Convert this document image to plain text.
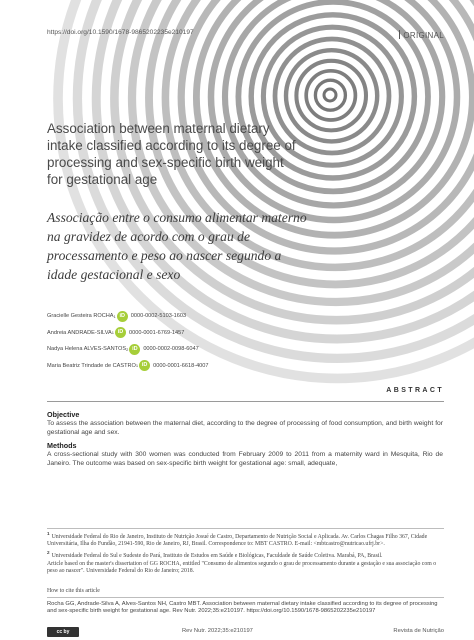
https://doi.org/10.1590/1678-9865202235e210197	ORIGINAL
Association between maternal dietary intake classified according to its degree of processing and sex-specific birth weight for gestational age
Associação entre o consumo alimentar materno na gravidez de acordo com o grau de processamento e peso ao nascer segundo a idade gestacional e sexo
Gracielle Gesteira ROCHA 1 iD	0000-0002-5103-1603
Andreia ANDRADE-SILVA 1 iD	0000-0001-6769-1457
Nadya Helena ALVES-SANTOS 2 iD	0000-0002-0098-6047
Maria Beatriz Trindade de CASTRO 1 iD	0000-0001-6618-4007
ABSTRACT
Objective
To assess the association between the maternal diet, according to the degree of processing of food consumption, and birth weight for gestational age and sex.
Methods
A cross-sectional study with 300 women was conducted from February 2009 to 2011 from a maternity ward in Mesquita, Rio de Janeiro. The outcome was based on sex-specific birth weight for gestational age: small, adequate,

$^1$Universidade Federal do Rio de Janeiro, Instituto de Nutrição Josué de Castro, Departamento de Nutrição Social e Aplicada. Av. Carlos Chagas Filho 367, Cidade Universitária, Ilha do Fundão, 21941-590, Rio de Janeiro, RJ, Brasil. Correspondence to: MBT CASTRO. E-mail: <mbtcastro@nutricao.ufrj.br>.

$^2$Universidade Federal do Sul e Sudeste do Pará, Instituto de Estudos em Saúde e Biológicas, Faculdade de Saúde Coletiva. Marabá, PA, Brasil.

Article based on the master's dissertation of GG ROCHA, entitled "Consumo de alimentos segundo o grau de processamento durante a gestação e sua associação com o peso ao nascer". Universidade Federal do Rio de Janeiro; 2018.

How to cite this article
Rocha GG, Andrade-Silva A, Alves-Santos NH, Castro MBT. Association between maternal dietary intake classified according to its degree of processing and sex-specific birth weight for gestational age. Rev Nutr. 2022;35:e210197. https://doi.org/10.1590/1678-9865202235e210197
cc by	Rev Nutr. 2022;35:e210197	Revista de Nutrição
